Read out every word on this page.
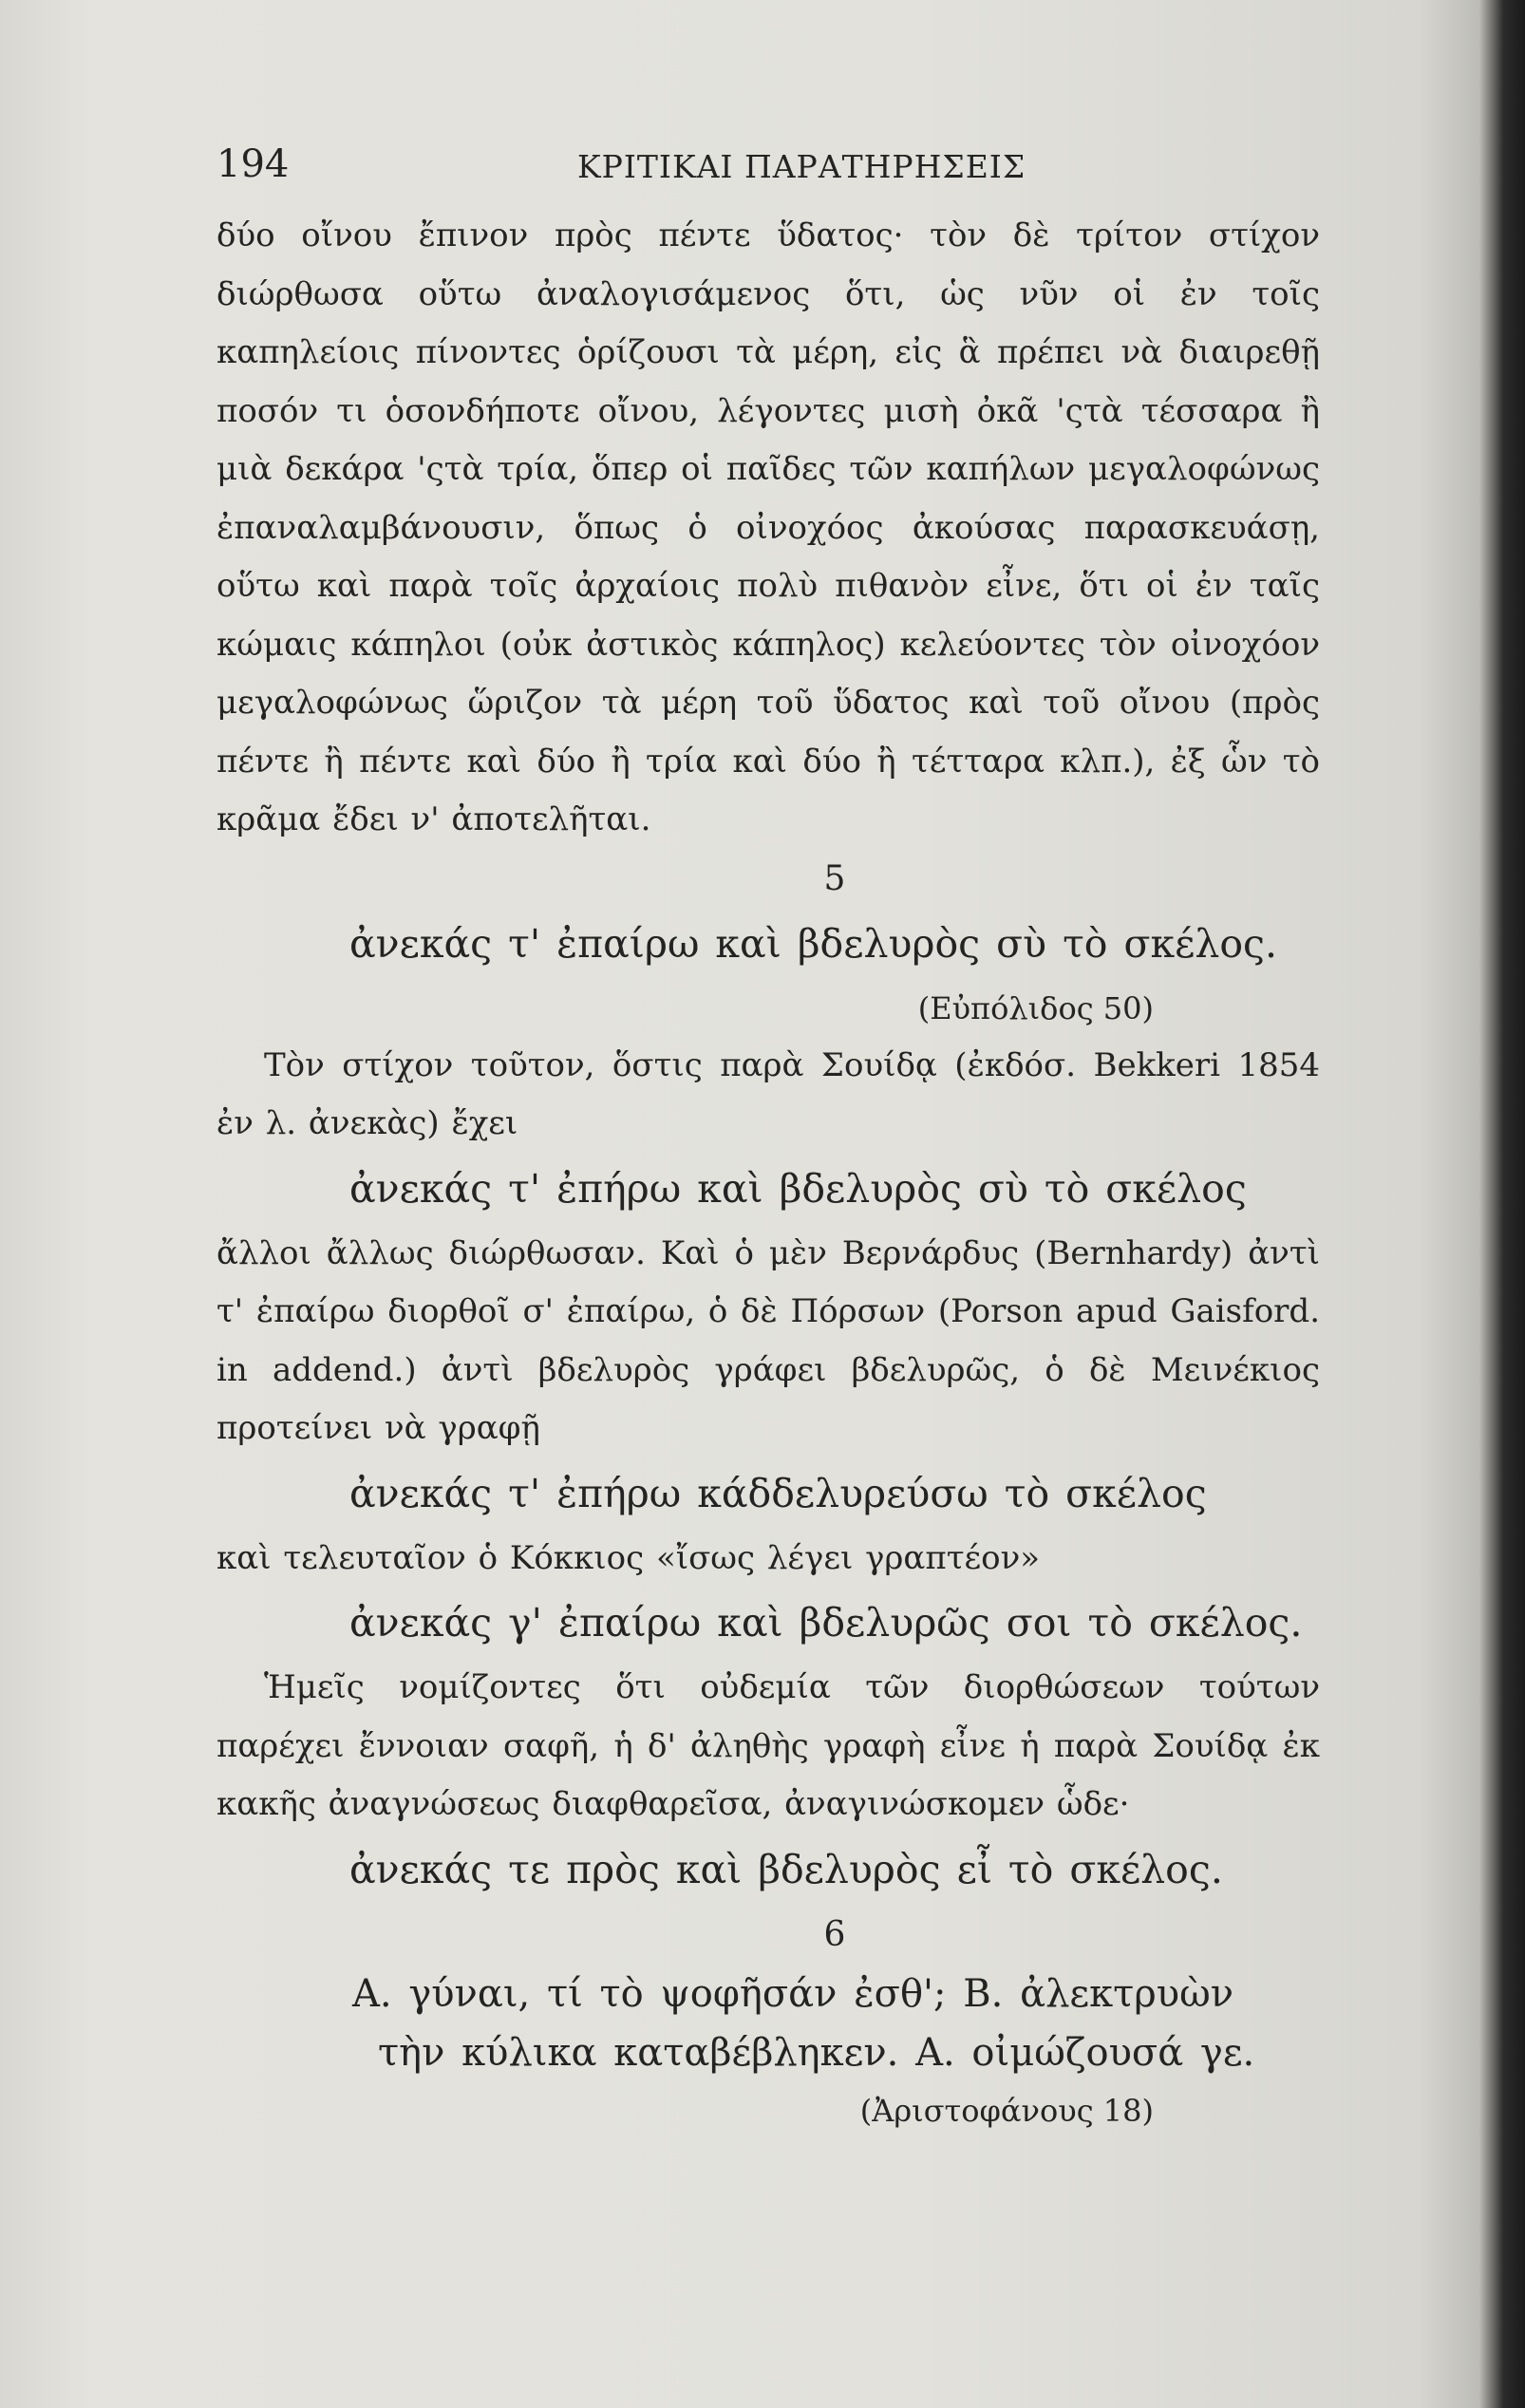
194	ΚΡΙΤΙΚΑΙ ΠΑΡΑΤΗΡΗΣΕΙΣ

δύο οἴνου ἔπινον πρὸς πέντε ὕδατος· τὸν δὲ τρίτον στίχον διώρθωσα οὕτω ἀναλογισάμενος ὅτι, ὡς νῦν οἱ ἐν τοῖς καπηλείοις πίνοντες ὁρίζουσι τὰ μέρη, εἰς ἃ πρέπει νὰ διαιρεθῇ ποσόν τι ὁσονδήποτε οἴνου, λέγοντες μισὴ ὀκᾶ 'ςτὰ τέσσαρα ἢ μιὰ δεκάρα 'ςτὰ τρία, ὅπερ οἱ παῖδες τῶν καπήλων μεγαλοφώνως ἐπαναλαμβάνουσιν, ὅπως ὁ οἰνοχόος ἀκούσας παρασκευάσῃ, οὕτω καὶ παρὰ τοῖς ἀρχαίοις πολὺ πιθανὸν εἶνε, ὅτι οἱ ἐν ταῖς κώμαις κάπηλοι (οὐκ ἀστικὸς κάπηλος) κελεύοντες τὸν οἰνοχόον μεγαλοφώνως ὥριζον τὰ μέρη τοῦ ὕδατος καὶ τοῦ οἴνου (πρὸς πέντε ἢ πέντε καὶ δύο ἢ τρία καὶ δύο ἢ τέτταρα κλπ.), ἐξ ὧν τὸ κρᾶμα ἔδει ν' ἀποτελῆται.

5

ἀνεκάς τ' ἐπαίρω καὶ βδελυρὸς σὺ τὸ σκέλος.

(Εὐπόλιδος 50)

Τὸν στίχον τοῦτον, ὅστις παρὰ Σουίδᾳ (ἐκδόσ. Bekkeri 1854 ἐν λ. ἀνεκὰς) ἔχει

ἀνεκάς τ' ἐπήρω καὶ βδελυρὸς σὺ τὸ σκέλος

ἄλλοι ἄλλως διώρθωσαν. Καὶ ὁ μὲν Βερνάρδυς (Bernhardy) ἀντὶ τ' ἐπαίρω διορθοῖ σ' ἐπαίρω, ὁ δὲ Πόρσων (Porson apud Gaisford. in addend.) ἀντὶ βδελυρὸς γράφει βδελυρῶς, ὁ δὲ Μεινέκιος προτείνει νὰ γραφῇ

ἀνεκάς τ' ἐπήρω κάδδελυρεύσω τὸ σκέλος

καὶ τελευταῖον ὁ Κόκκιος «ἴσως λέγει γραπτέον»

ἀνεκάς γ' ἐπαίρω καὶ βδελυρῶς σοι τὸ σκέλος.

Ἡμεῖς νομίζοντες ὅτι οὐδεμία τῶν διορθώσεων τούτων παρέχει ἔννοιαν σαφῆ, ἡ δ' ἀληθὴς γραφὴ εἶνε ἡ παρὰ Σουίδᾳ ἐκ κακῆς ἀναγνώσεως διαφθαρεῖσα, ἀναγινώσκομεν ὧδε·

ἀνεκάς τε πρὸς καὶ βδελυρὸς εἶ τὸ σκέλος.

6

Α. γύναι, τί τὸ ψοφῆσάν ἐσθ'; Β. ἀλεκτρυὼν

τὴν κύλικα καταβέβληκεν. Α. οἰμώζουσά γε.

(Ἀριστοφάνους 18)
